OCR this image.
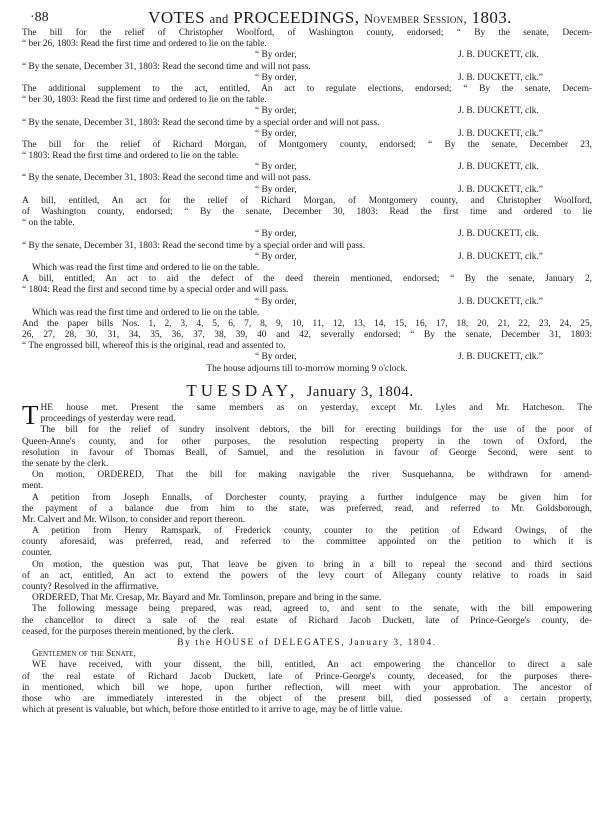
·88	VOTES and PROCEEDINGS, November Session, 1803.
The bill for the relief of Christopher Woolford, of Washington county, endorsed; “ By the senate, Decem-
“ ber 26, 1803: Read the first time and ordered to lie on the table.
“ By order,	J. B. DUCKETT, clk.
“ By the senate, December 31, 1803: Read the second time and will not pass.
“ By order,	J. B. DUCKETT, clk.”
The additional supplement to the act, entitled, An act to regulate elections, endorsed; “ By the senate, Decem-
“ ber 30, 1803: Read the first time and ordered to lie on the table.
“ By order,	J. B. DUCKETT, clk.
“ By the senate, December 31, 1803: Read the second time by a special order and will not pass.
“ By order,	J. B. DUCKETT, clk.”
The bill for the relief of Richard Morgan, of Montgomery county, endorsed; “ By the senate, December 23,
“ 1803: Read the first time and ordered to lie on the table.
“ By order,	J. B. DUCKETT, clk.
“ By the senate, December 31, 1803: Read the second time and will not pass.
“ By order,	J. B. DUCKETT, clk.”
A bill, entitled, An act for the relief of Richard Morgan, of Montgomery county, and Christopher Woolford,
of Washington county, endorsed; “ By the senate, December 30, 1803: Read the first time and ordered to lie
“ on the table.
“ By order,	J. B. DUCKETT, clk.
“ By the senate, December 31, 1803: Read the second time by a special order and will pass.
“ By order,	J. B. DUCKETT, clk.”
Which was read the first time and ordered to lie on the table.
A bill, entitled, An act to aid the defect of the deed therein mentioned, endorsed; “ By the senate, January 2,
“ 1804: Read the first and second time by a special order and will pass.
“ By order,	J. B. DUCKETT, clk.”
Which was read the first time and ordered to lie on the table.
And the paper bills Nos. 1, 2, 3, 4, 5, 6, 7, 8, 9, 10, 11, 12, 13, 14, 15, 16, 17, 18, 20, 21, 22, 23, 24, 25,
26, 27, 28, 30, 31, 34, 35, 36, 37, 38, 39, 40 and 42, severally endorsed; “ By the senate, December 31, 1803:
“ The engrossed bill, whereof this is the original, read and assented to.
“ By order,	J. B. DUCKETT, clk.”
The house adjourns till to-morrow morning 9 o'clock.
TUESDAY, January 3, 1804.
T HE house met. Present the same members as on yesterday, except Mr. Lyles and Mr. Hatcheson. The
proceedings of yesterday were read.
The bill for the relief of sundry insolvent debtors, the bill for erecting buildings for the use of the poor of
Queen-Anne's county, and for other purposes, the resolution respecting property in the town of Oxford, the
resolution in favour of Thomas Beall, of Samuel, and the resolution in favour of George Second, were sent to
the senate by the clerk.
On motion, ORDERED, That the bill for making navigable the river Susquehanna, be withdrawn for amend-
ment.
A petition from Joseph Ennalls, of Dorchester county, praying a further indulgence may be given him for
the payment of a balance due from him to the state, was preferred, read, and referred to Mr. Goldsborough,
Mr. Calvert and Mr. Wilson, to consider and report thereon.
A petition from Henry Ramspark, of Frederick county, counter to the petition of Edward Owings, of the
county aforesaid, was preferred, read, and referred to the committee appointed on the petition to which it is
counter.
On motion, the question was put, That leave be given to bring in a bill to repeal the second and third sections
of an act, entitled, An act to extend the powers of the levy court of Allegany county relative to roads in said
county? Resolved in the affirmative.
ORDERED, That Mr. Cresap, Mr. Bayard and Mr. Tomlinson, prepare and bring in the same.
The following message being prepared, was read, agreed to, and sent to the senate, with the bill empowering
the chancellor to direct a sale of the real estate of Richard Jacob Duckett, late of Prince-George's county, de-
ceased, for the purposes therein mentioned, by the clerk.
By the HOUSE of DELEGATES, January 3, 1804.
Gentlemen of the Senate,
WE have received, with your dissent, the bill, entitled, An act empowering the chancellor to direct a sale
of the real estate of Richard Jacob Duckett, late of Prince-George's county, deceased, for the purposes there-
in mentioned, which bill we hope, upon further reflection, will meet with your approbation. The ancestor of
those who are immediately interested in the object of the present bill, died possessed of a certain property,
which at present is valuable, but which, before those entitled to it arrive to age, may be of little value.
